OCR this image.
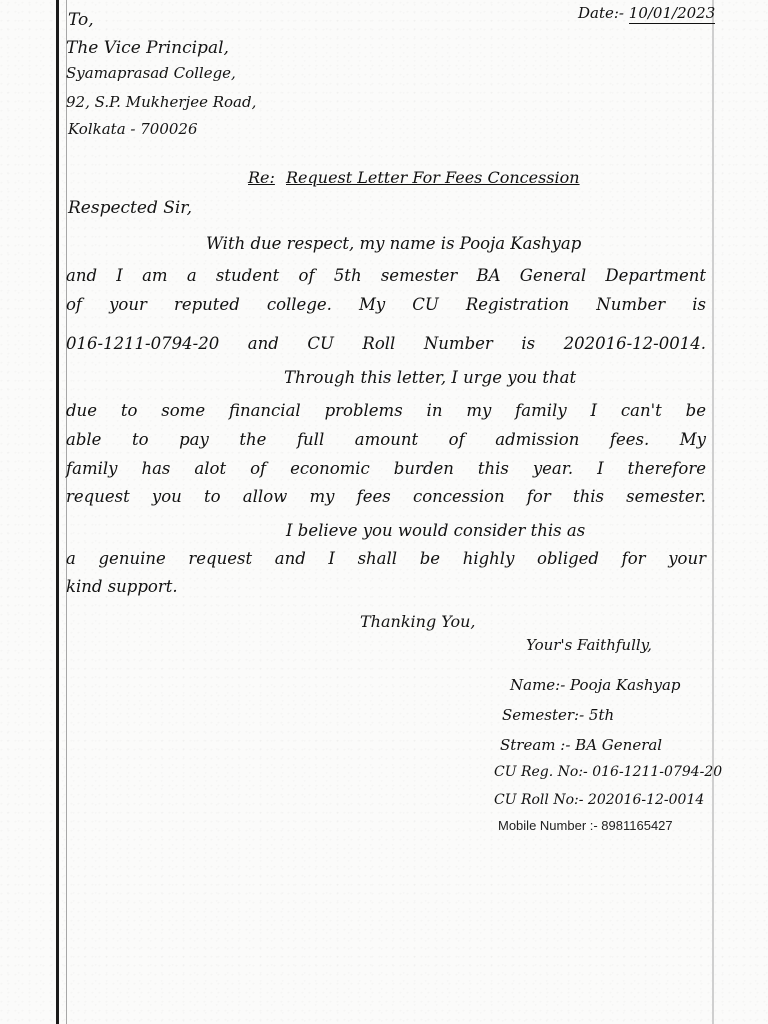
Date:- 10/01/2023
To,
The Vice Principal,
Syamaprasad College,
92, S.P. Mukherjee Road,
Kolkata - 700026
Re: Request Letter For Fees Concession
Respected Sir,
With due respect, my name is Pooja Kashyap
and I am a student of 5th semester BA General Department
of your reputed college. My CU Registration Number is
016-1211-0794-20 and CU Roll Number is 202016-12-0014.
Through this letter, I urge you that
due to some financial problems in my family I can't be
able to pay the full amount of admission fees. My
family has alot of economic burden this year. I therefore
request you to allow my fees concession for this semester.
I believe you would consider this as
a genuine request and I shall be highly obliged for your
kind support.
Thanking You,
Your's Faithfully,
Name:- Pooja Kashyap
Semester:- 5th
Stream :- BA General
CU Reg. No:- 016-1211-0794-20
CU Roll No:- 202016-12-0014
Mobile Number :- 8981165427
